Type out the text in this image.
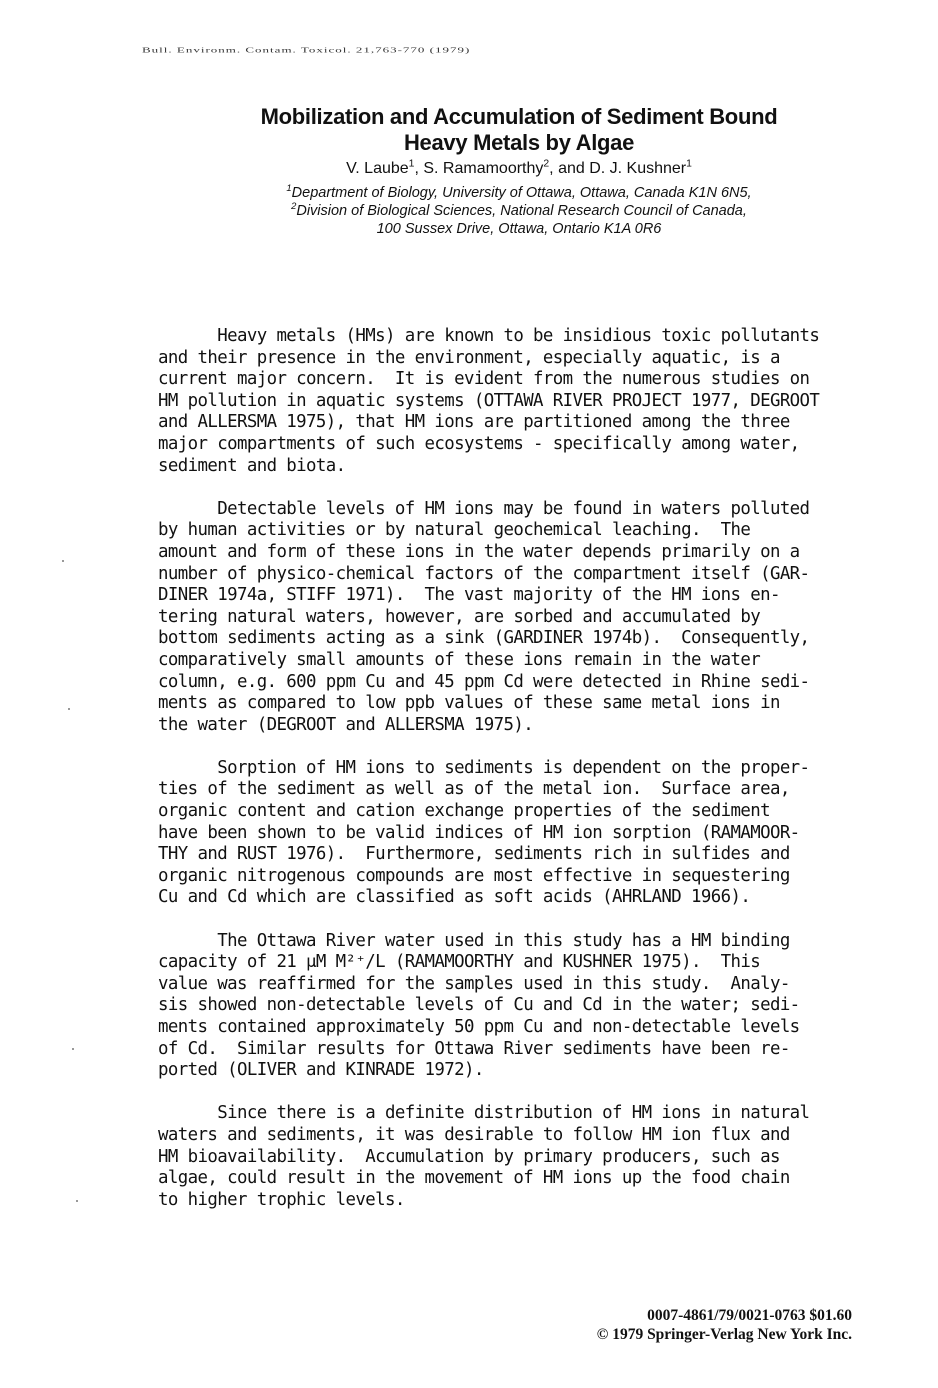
Bull. Environm. Contam. Toxicol. 21,763-770 (1979)
Mobilization and Accumulation of Sediment Bound
Heavy Metals by Algae
V. Laube$^1$, S. Ramamoorthy$^2$, and D. J. Kushner$^1$
$^1$Department of Biology, University of Ottawa, Ottawa, Canada K1N 6N5,
$^2$Division of Biological Sciences, National Research Council of Canada,
100 Sussex Drive, Ottawa, Ontario K1A 0R6
Heavy metals (HMs) are known to be insidious toxic pollutants
and their presence in the environment, especially aquatic, is a
current major concern.  It is evident from the numerous studies on
HM pollution in aquatic systems (OTTAWA RIVER PROJECT 1977, DEGROOT
and ALLERSMA 1975), that HM ions are partitioned among the three
major compartments of such ecosystems - specifically among water,
sediment and biota.
Detectable levels of HM ions may be found in waters polluted
by human activities or by natural geochemical leaching.  The
amount and form of these ions in the water depends primarily on a
number of physico-chemical factors of the compartment itself (GAR-
DINER 1974a, STIFF 1971).  The vast majority of the HM ions en-
tering natural waters, however, are sorbed and accumulated by
bottom sediments acting as a sink (GARDINER 1974b).  Consequently,
comparatively small amounts of these ions remain in the water
column, e.g. 600 ppm Cu and 45 ppm Cd were detected in Rhine sedi-
ments as compared to low ppb values of these same metal ions in
the water (DEGROOT and ALLERSMA 1975).
Sorption of HM ions to sediments is dependent on the proper-
ties of the sediment as well as of the metal ion.  Surface area,
organic content and cation exchange properties of the sediment
have been shown to be valid indices of HM ion sorption (RAMAMOOR-
THY and RUST 1976).  Furthermore, sediments rich in sulfides and
organic nitrogenous compounds are most effective in sequestering
Cu and Cd which are classified as soft acids (AHRLAND 1966).
The Ottawa River water used in this study has a HM binding
capacity of 21 μM M²⁺/L (RAMAMOORTHY and KUSHNER 1975).  This
value was reaffirmed for the samples used in this study.  Analy-
sis showed non-detectable levels of Cu and Cd in the water; sedi-
ments contained approximately 50 ppm Cu and non-detectable levels
of Cd.  Similar results for Ottawa River sediments have been re-
ported (OLIVER and KINRADE 1972).
Since there is a definite distribution of HM ions in natural
waters and sediments, it was desirable to follow HM ion flux and
HM bioavailability.  Accumulation by primary producers, such as
algae, could result in the movement of HM ions up the food chain
to higher trophic levels.
0007-4861/79/0021-0763 $01.60
© 1979 Springer-Verlag New York Inc.
